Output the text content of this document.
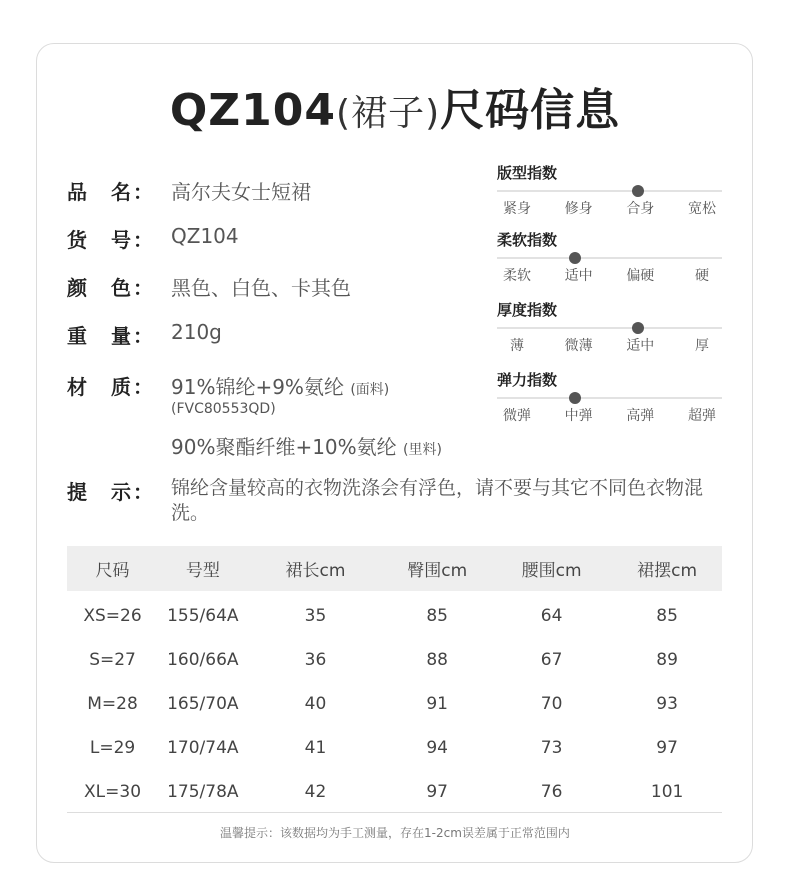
QZ104(裙子)尺码信息
品　名： 高尔夫女士短裙
货　号： QZ104
颜　色： 黑色、白色、卡其色
重　量： 210g
材　质： 91%锦纶+9%氨纶 (面料)
(FVC80553QD)
90%聚酯纤维+10%氨纶 (里料)
提　示： 锦纶含量较高的衣物洗涤会有浮色，请不要与其它不同色衣物混洗。
版型指数
紧身	修身	合身	宽松
柔软指数
柔软	适中	偏硬	硬
厚度指数
薄	微薄	适中	厚
弹力指数
微弹	中弹	高弹	超弹
尺码	号型	裙长cm	臀围cm	腰围cm	裙摆cm
XS=26	155/64A	35	85	64	85
S=27	160/66A	36	88	67	89
M=28	165/70A	40	91	70	93
L=29	170/74A	41	94	73	97
XL=30	175/78A	42	97	76	101
温馨提示：该数据均为手工测量，存在1-2cm误差属于正常范围内
